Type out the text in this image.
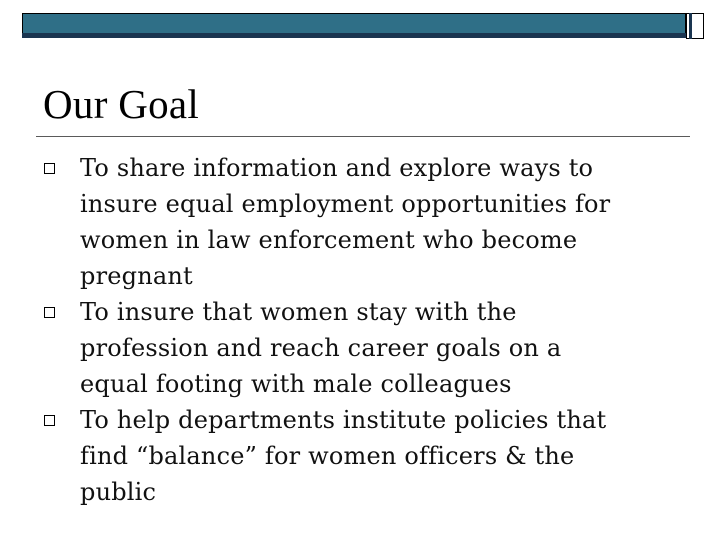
Our Goal
To share information and explore ways to
insure equal employment opportunities for
women in law enforcement who become
pregnant
To insure that women stay with the
profession and reach career goals on a
equal footing with male colleagues
To help departments institute policies that
find “balance” for women officers & the
public
